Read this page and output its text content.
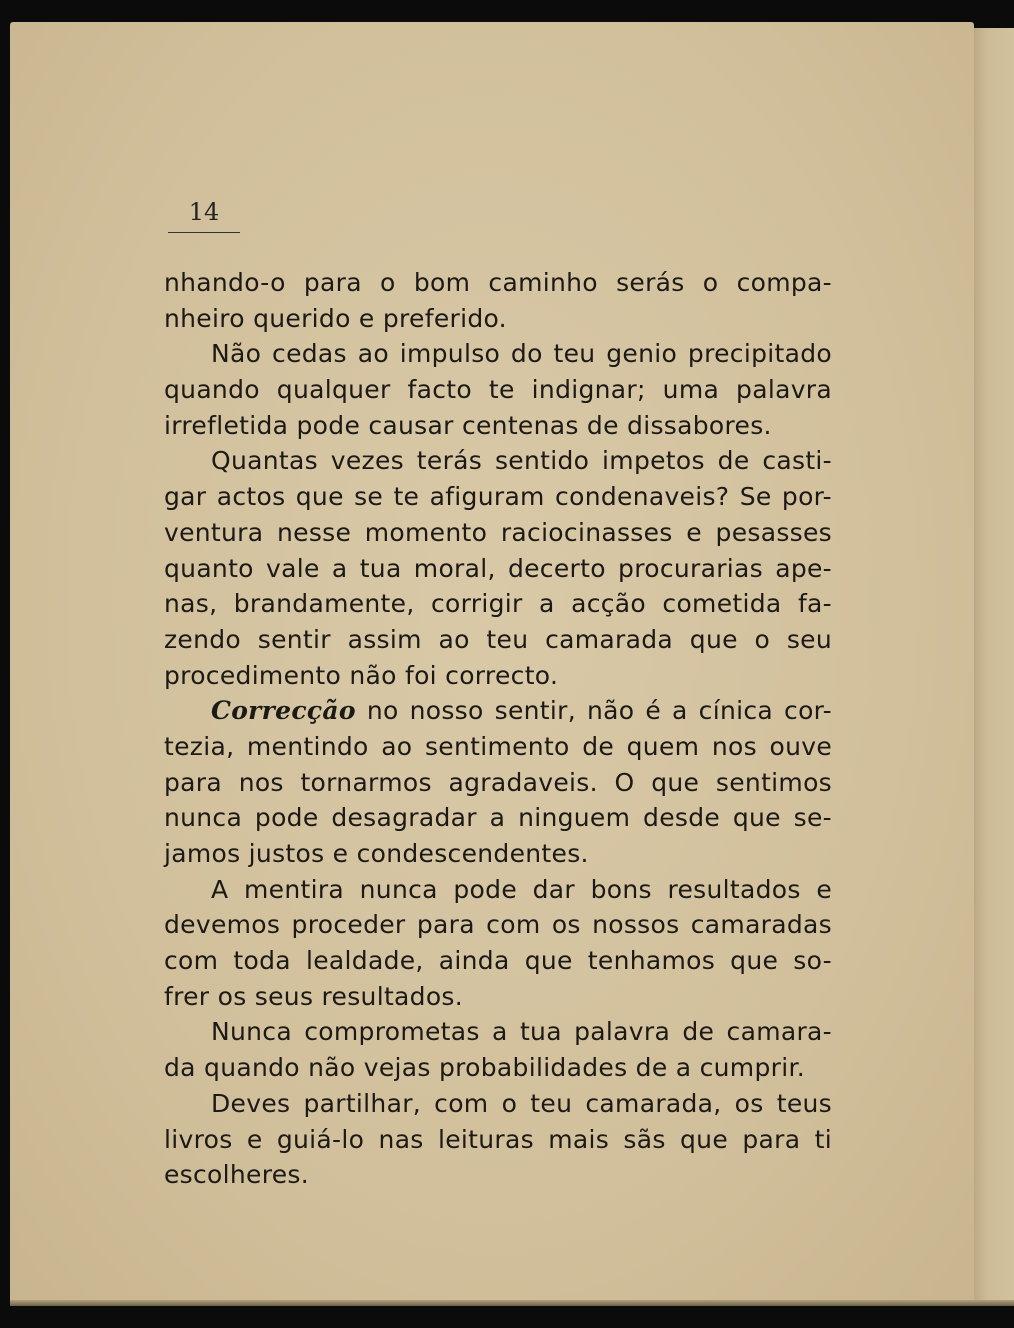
14
nhando-o para o bom caminho serás o compa-
nheiro querido e preferido.
Não cedas ao impulso do teu genio precipitado
quando qualquer facto te indignar; uma palavra
irrefletida pode causar centenas de dissabores.
Quantas vezes terás sentido impetos de casti-
gar actos que se te afiguram condenaveis? Se por-
ventura nesse momento raciocinasses e pesasses
quanto vale a tua moral, decerto procurarias ape-
nas, brandamente, corrigir a acção cometida fa-
zendo sentir assim ao teu camarada que o seu
procedimento não foi correcto.
Correcção no nosso sentir, não é a cínica cor-
tezia, mentindo ao sentimento de quem nos ouve
para nos tornarmos agradaveis. O que sentimos
nunca pode desagradar a ninguem desde que se-
jamos justos e condescendentes.
A mentira nunca pode dar bons resultados e
devemos proceder para com os nossos camaradas
com toda lealdade, ainda que tenhamos que so-
frer os seus resultados.
Nunca comprometas a tua palavra de camara-
da quando não vejas probabilidades de a cumprir.
Deves partilhar, com o teu camarada, os teus
livros e guiá-lo nas leituras mais sãs que para ti
escolheres.
